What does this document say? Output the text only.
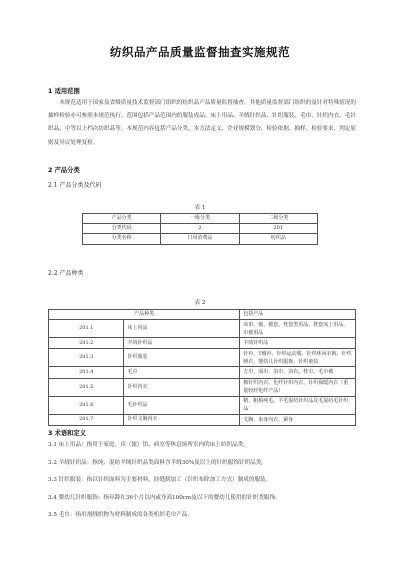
纺织品产品质量监督抽查实施规范
1 适用范围

本规范适用于国家及省级质量技术监督部门组织的纺织品产品质量监督抽查，其他质量监督部门组织的及针对特殊情况的抽样检验亦可参照本规范执行。范围包括产品范围内的服装成品、床上用品、羊绒针织品、针织服装、毛巾、针织内衣、毛针织品、中等以上档次纺织品等。本规范内容包括产品分类、本方法定义、企业规模划分、检验依据、抽样、检验要求、判定原则及异议处理复检。

2 产品分类
2.1 产品分类及代码
表 1
产品分类	一级分类	二级分类
分类代码	2	201
分类名称	日用消费品	纺织品
2.2 产品种类
表 2
产品种类		包括产品
201.1	床上用品	床单、被、被套、枕套类用品、枕套床上用品、巾被用品
201.2	羊绒针织品	羊绒针织品
201.3	针织服装	针衫、T恤衫、针织运动服、针织休闲衣裤、针织睡衣、婴幼儿针织服饰、针织童装
201.4	毛巾	方巾、面巾、浴巾、浴衣、枕巾、毛巾被
201.5	针织内衣	棉针织内衣、化纤针织内衣、针织保暖内衣（重量较轻化纤产品）
201.6	毛针织品	精、粗梳纯毛、羊毛混纺针织品及毛混纺毛针织品
201.7	针织文胸内衣	文胸、束身内衣、紧身
3 术语和定义
3.1 床上用品：指用于家庭、宾（旅）馆、病室等休息场所室内的床上纺织品类。
3.2 羊绒针织品：指纯、混纺羊绒针织品类面料含羊绒30%及以上的针织服饰针织品类。
3.3 针织服装：指以针织面料为主要材料，经缝制加工（针织布除加工方式）制成的服装。
3.4 婴幼儿针织服饰：指年龄在36个月以内或身高100cm及以下的婴幼儿使用的针织类服饰。
3.5 毛巾：指用割绒织物为材料制成的各类机织毛巾产品。
